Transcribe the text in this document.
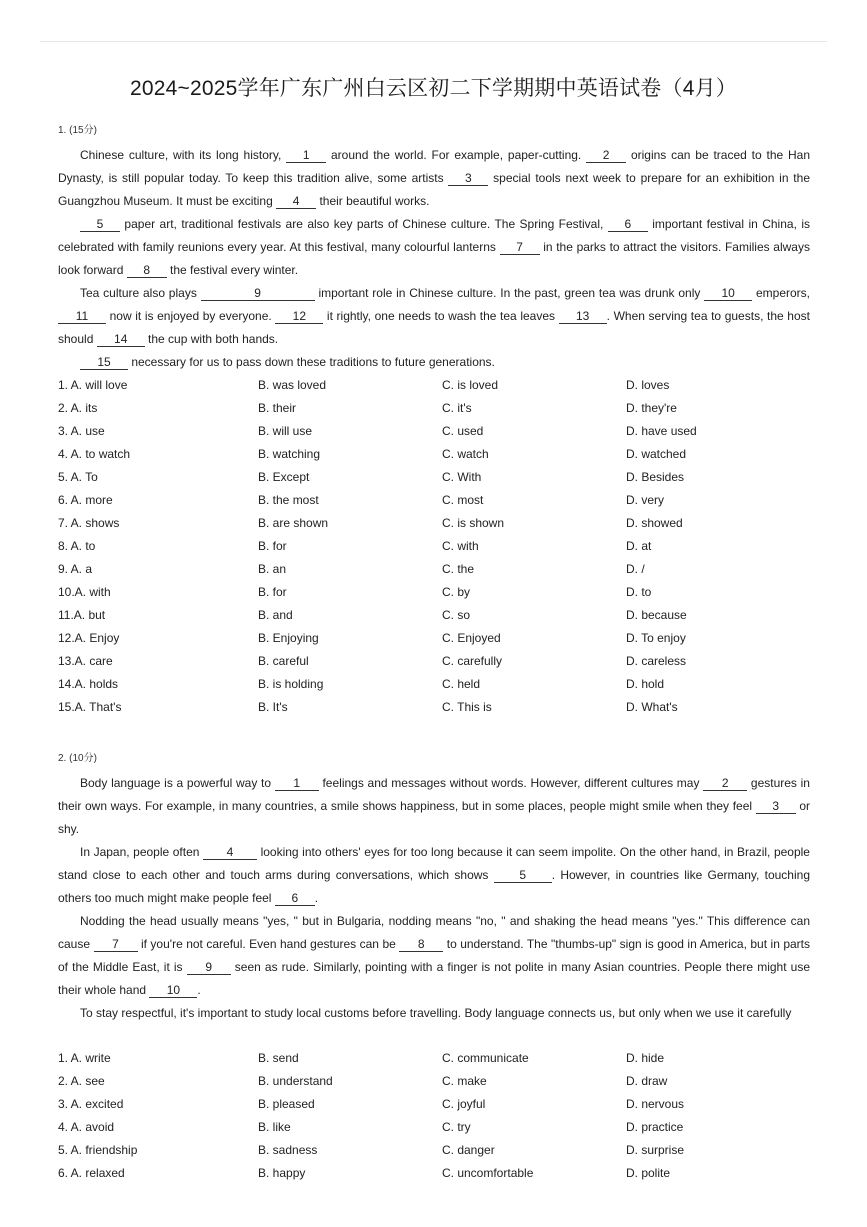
2024~2025学年广东广州白云区初二下学期期中英语试卷（4月）
1. (15分)

Chinese culture, with its long history, 1 around the world. For example, paper-cutting. 2 origins can be traced to the Han Dynasty, is still popular today. To keep this tradition alive, some artists 3 special tools next week to prepare for an exhibition in the Guangzhou Museum. It must be exciting 4 their beautiful works.

5 paper art, traditional festivals are also key parts of Chinese culture. The Spring Festival, 6 important festival in China, is celebrated with family reunions every year. At this festival, many colourful lanterns 7 in the parks to attract the visitors. Families always look forward 8 the festival every winter.

Tea culture also plays	9	important role in Chinese culture. In the past, green tea was drunk only 10 emperors, 11 now it is enjoyed by everyone. 12 it rightly, one needs to wash the tea leaves 13 . When serving tea to guests, the host should 14 the cup with both hands.

15 necessary for us to pass down these traditions to future generations.

1. A. will love	B. was loved	C. is loved	D. loves
2. A. its	B. their	C. it's	D. they're
3. A. use	B. will use	C. used	D. have used
4. A. to watch	B. watching	C. watch	D. watched
5. A. To	B. Except	C. With	D. Besides
6. A. more	B. the most	C. most	D. very
7. A. shows	B. are shown	C. is shown	D. showed
8. A. to	B. for	C. with	D. at
9. A. a	B. an	C. the	D. /
10.A. with	B. for	C. by	D. to
11.A. but	B. and	C. so	D. because
12.A. Enjoy	B. Enjoying	C. Enjoyed	D. To enjoy
13.A. care	B. careful	C. carefully	D. careless
14.A. holds	B. is holding	C. held	D. hold
15.A. That's	B. It's	C. This is	D. What's
2. (10分)

Body language is a powerful way to 1 feelings and messages without words. However, different cultures may 2 gestures in their own ways. For example, in many countries, a smile shows happiness, but in some places, people might smile when they feel 3 or shy.

In Japan, people often 4 looking into others' eyes for too long because it can seem impolite. On the other hand, in Brazil, people stand close to each other and touch arms during conversations, which shows 5 . However, in countries like Germany, touching others too much might make people feel 6 .

Nodding the head usually means "yes, " but in Bulgaria, nodding means "no, " and shaking the head means "yes." This difference can cause 7 if you're not careful. Even hand gestures can be 8 to understand. The "thumbs-up" sign is good in America, but in parts of the Middle East, it is 9 seen as rude. Similarly, pointing with a finger is not polite in many Asian countries. People there might use their whole hand 10 .

To stay respectful, it's important to study local customs before travelling. Body language connects us, but only when we use it carefully

1. A. write	B. send	C. communicate	D. hide
2. A. see	B. understand	C. make	D. draw
3. A. excited	B. pleased	C. joyful	D. nervous
4. A. avoid	B. like	C. try	D. practice
5. A. friendship	B. sadness	C. danger	D. surprise
6. A. relaxed	B. happy	C. uncomfortable	D. polite
